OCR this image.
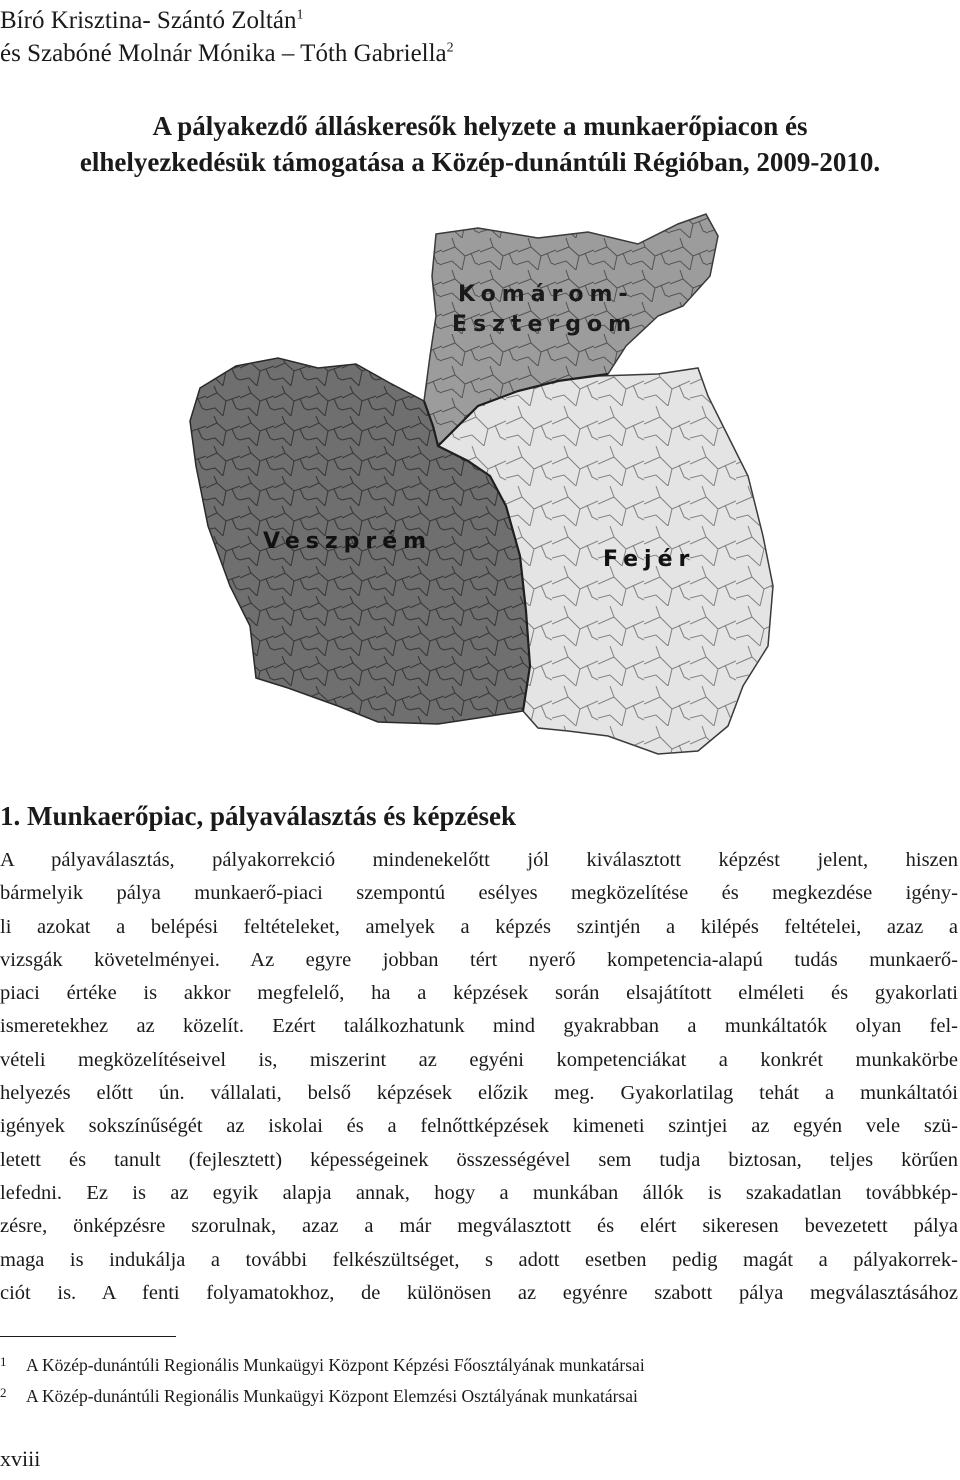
Bíró Krisztina- Szántó Zoltán$^1$
és Szabóné Molnár Mónika – Tóth Gabriella$^2$
A pályakezdő álláskeresők helyzete a munkaerőpiacon és
elhelyezkedésük támogatása a Közép-dunántúli Régióban, 2009-2010.
Komárom-
Esztergom
Veszprém
Fejér
1. Munkaerőpiac, pályaválasztás és képzések
A pályaválasztás, pályakorrekció mindenekelőtt jól kiválasztott képzést jelent, hiszen
bármelyik pálya munkaerő-piaci szempontú esélyes megközelítése és megkezdése igény-
li azokat a belépési feltételeket, amelyek a képzés szintjén a kilépés feltételei, azaz a
vizsgák követelményei. Az egyre jobban tért nyerő kompetencia-alapú tudás munkaerő-
piaci értéke is akkor megfelelő, ha a képzések során elsajátított elméleti és gyakorlati
ismeretekhez az közelít. Ezért találkozhatunk mind gyakrabban a munkáltatók olyan fel-
vételi megközelítéseivel is, miszerint az egyéni kompetenciákat a konkrét munkakörbe
helyezés előtt ún. vállalati, belső képzések előzik meg. Gyakorlatilag tehát a munkáltatói
igények sokszínűségét az iskolai és a felnőttképzések kimeneti szintjei az egyén vele szü-
letett és tanult (fejlesztett) képességeinek összességével sem tudja biztosan, teljes körűen
lefedni. Ez is az egyik alapja annak, hogy a munkában állók is szakadatlan továbbkép-
zésre, önképzésre szorulnak, azaz a már megválasztott és elért sikeresen bevezetett pálya
maga is indukálja a további felkészültséget, s adott esetben pedig magát a pályakorrek-
ciót is. A fenti folyamatokhoz, de különösen az egyénre szabott pálya megválasztásához
1 A Közép-dunántúli Regionális Munkaügyi Központ Képzési Főosztályának munkatársai
2 A Közép-dunántúli Regionális Munkaügyi Központ Elemzési Osztályának munkatársai
xviii
